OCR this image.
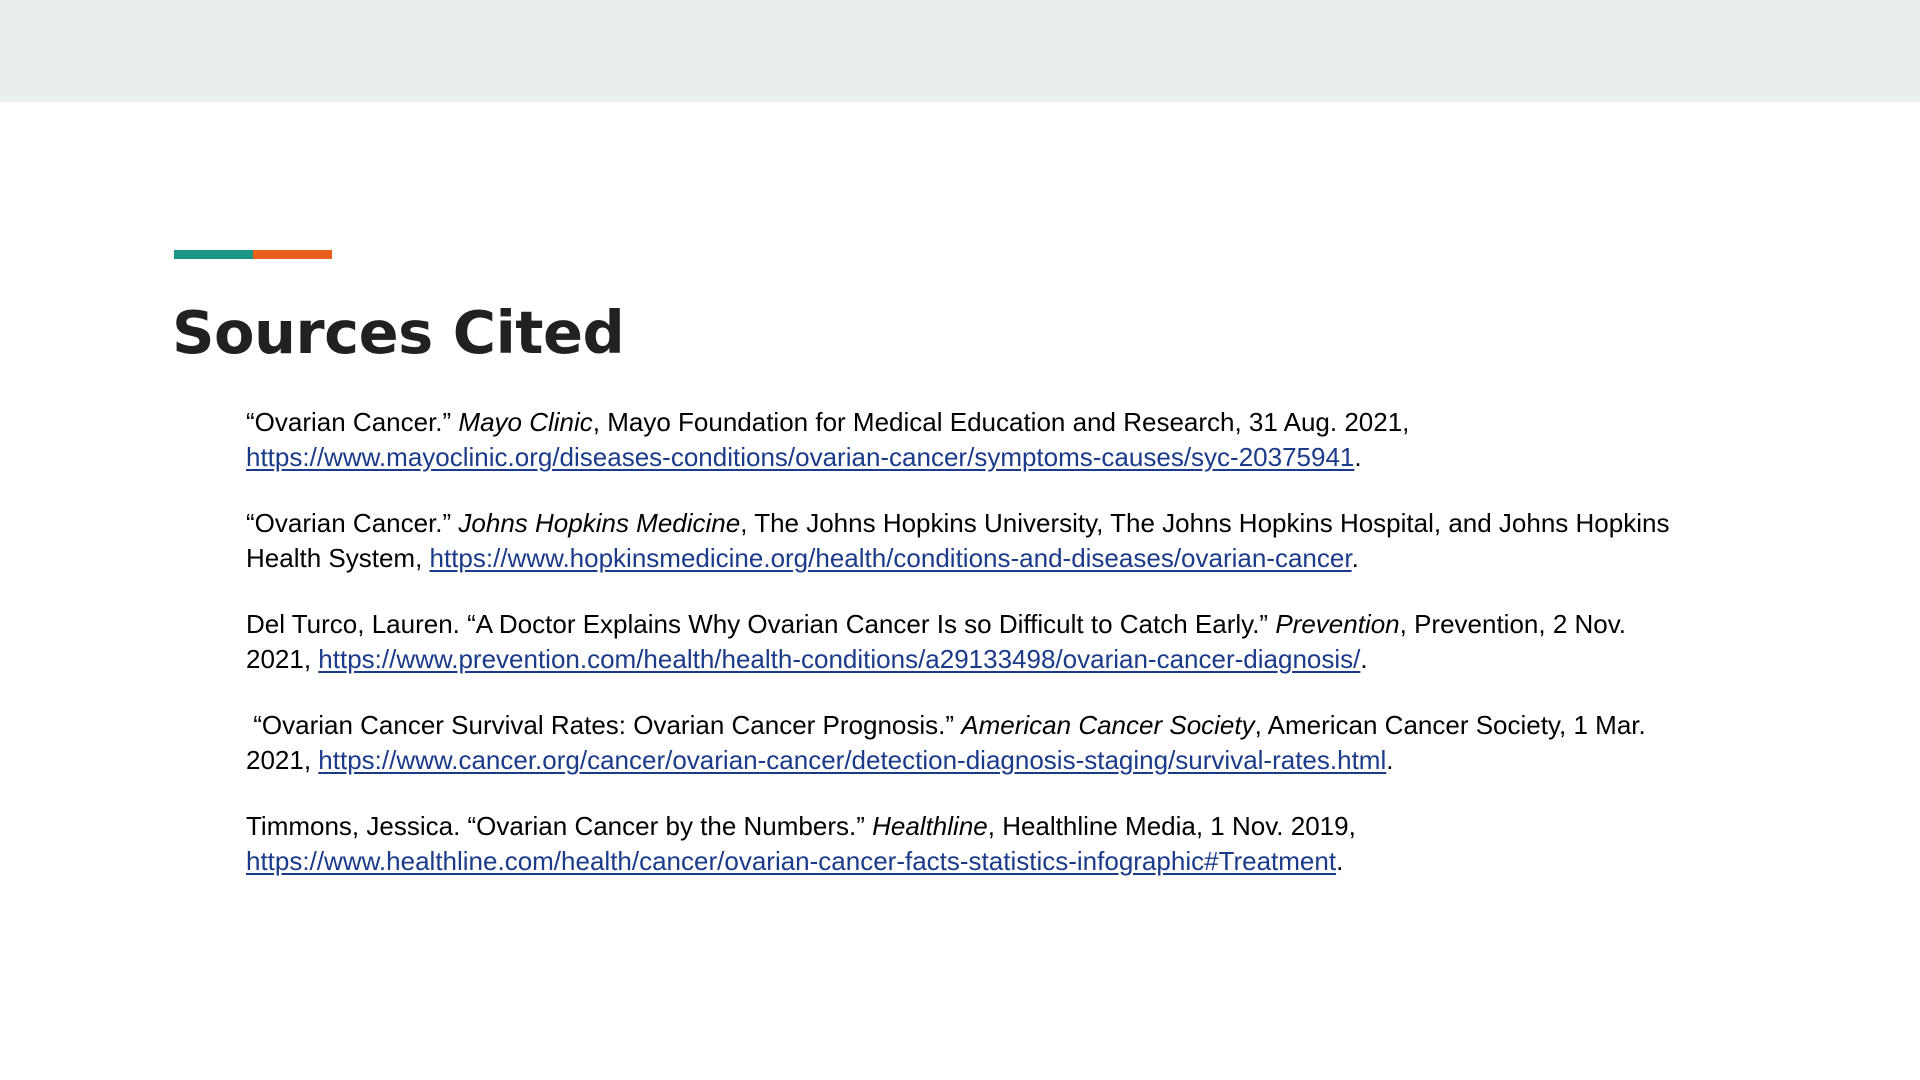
Sources Cited
“Ovarian Cancer.” Mayo Clinic, Mayo Foundation for Medical Education and Research, 31 Aug. 2021,
https://www.mayoclinic.org/diseases-conditions/ovarian-cancer/symptoms-causes/syc-20375941.
“Ovarian Cancer.” Johns Hopkins Medicine, The Johns Hopkins University, The Johns Hopkins Hospital, and Johns Hopkins
Health System, https://www.hopkinsmedicine.org/health/conditions-and-diseases/ovarian-cancer.
Del Turco, Lauren. “A Doctor Explains Why Ovarian Cancer Is so Difficult to Catch Early.” Prevention, Prevention, 2 Nov.
2021, https://www.prevention.com/health/health-conditions/a29133498/ovarian-cancer-diagnosis/.
“Ovarian Cancer Survival Rates: Ovarian Cancer Prognosis.” American Cancer Society, American Cancer Society, 1 Mar.
2021, https://www.cancer.org/cancer/ovarian-cancer/detection-diagnosis-staging/survival-rates.html.
Timmons, Jessica. “Ovarian Cancer by the Numbers.” Healthline, Healthline Media, 1 Nov. 2019,
https://www.healthline.com/health/cancer/ovarian-cancer-facts-statistics-infographic#Treatment.
